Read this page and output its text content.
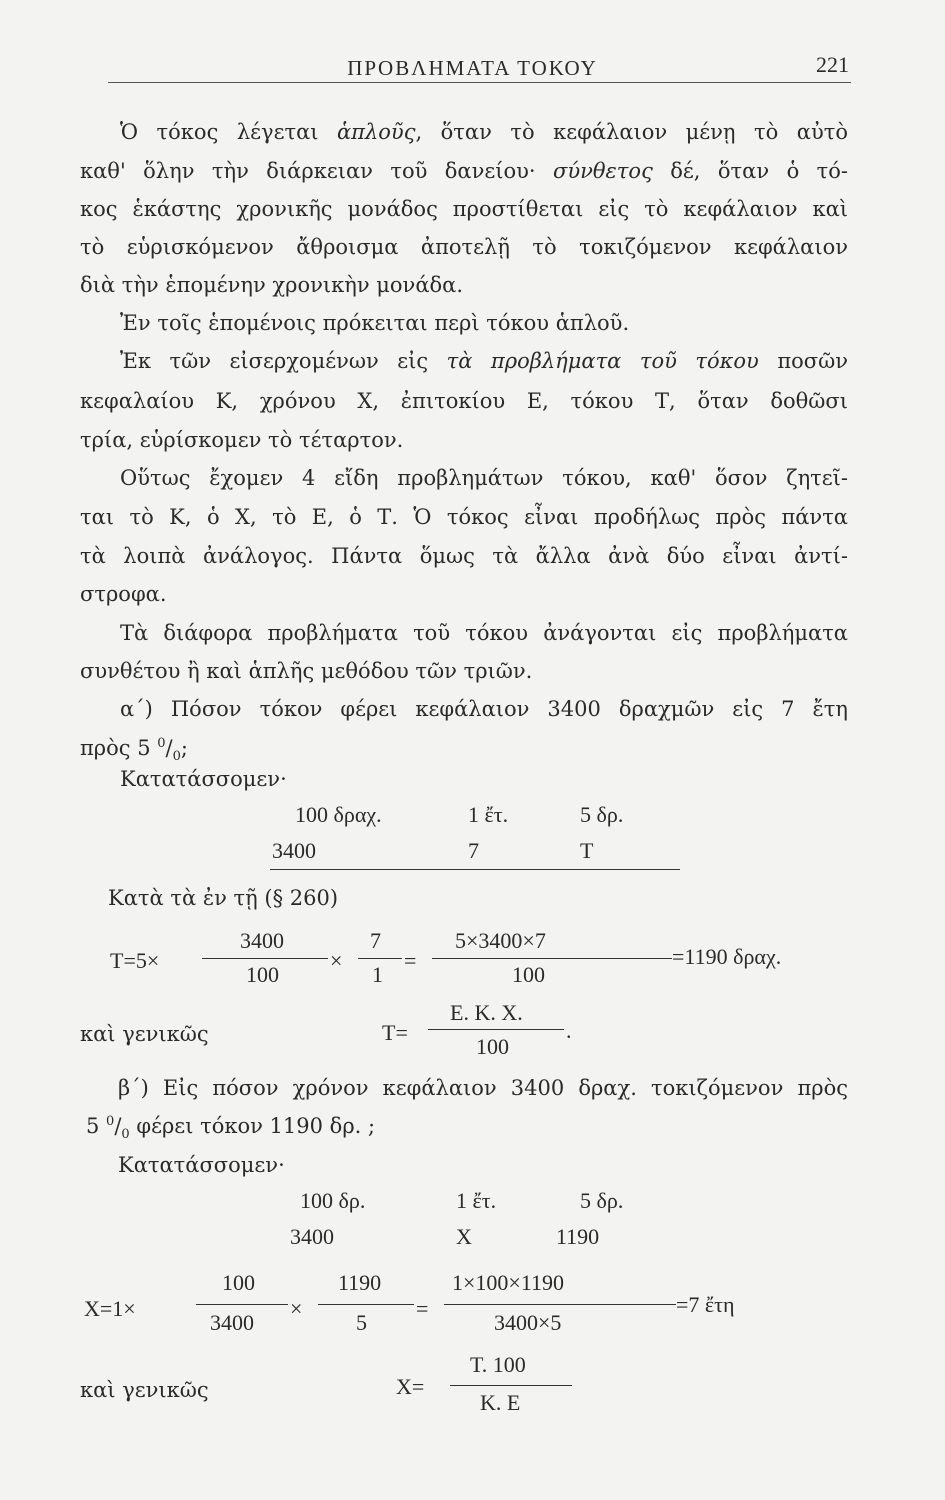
ΠΡΟΒΛΗΜΑΤΑ ΤΟΚΟΥ	221
Ὁ τόκος λέγεται ἁπλοῦς, ὅταν τὸ κεφάλαιον μένῃ τὸ αὐτὸ
καθ' ὅλην τὴν διάρκειαν τοῦ δανείου· σύνθετος δέ, ὅταν ὁ τό-
κος ἑκάστης χρονικῆς μονάδος προστίθεται εἰς τὸ κεφάλαιον καὶ
τὸ εὑρισκόμενον ἄθροισμα ἀποτελῇ τὸ τοκιζόμενον κεφάλαιον
διὰ τὴν ἑπομένην χρονικὴν μονάδα.
Ἐν τοῖς ἑπομένοις πρόκειται περὶ τόκου ἁπλοῦ.
Ἐκ τῶν εἰσερχομένων εἰς τὰ προβλήματα τοῦ τόκου ποσῶν
κεφαλαίου Κ, χρόνου Χ, ἐπιτοκίου Ε, τόκου Τ, ὅταν δοθῶσι
τρία, εὑρίσκομεν τὸ τέταρτον.
Οὕτως ἔχομεν 4 εἴδη προβλημάτων τόκου, καθ' ὅσον ζητεῖ-
ται τὸ Κ, ὁ Χ, τὸ Ε, ὁ Τ. Ὁ τόκος εἶναι προδήλως πρὸς πάντα
τὰ λοιπὰ ἀνάλογος. Πάντα ὅμως τὰ ἄλλα ἀνὰ δύο εἶναι ἀντί-
στροφα.
Τὰ διάφορα προβλήματα τοῦ τόκου ἀνάγονται εἰς προβλήματα
συνθέτου ἢ καὶ ἁπλῆς μεθόδου τῶν τριῶν.
α΄) Πόσον τόκον φέρει κεφάλαιον 3400 δραχμῶν εἰς 7 ἔτη
πρὸς 5 $^0/_0$;
Κατατάσσομεν·
100 δραχ.	1 ἔτ.	5 δρ.
3400	7	Τ
Κατὰ τὰ ἐν τῇ (§ 260)
Τ=5×
3400
100
×
7
1
=
5×3400×7
100
=1190 δραχ.
καὶ γενικῶς	Τ=
Ε. Κ. Χ.
100
.
β΄) Εἰς πόσον χρόνον κεφάλαιον 3400 δραχ. τοκιζόμενον πρὸς
5 $^0/_0$ φέρει τόκον 1190 δρ. ;
Κατατάσσομεν·
100 δρ.	1 ἔτ.	5 δρ.
3400	Χ	1190
Χ=1×
100
3400
×
1190
5
=
1×100×1190
3400×5
=7 ἔτη
καὶ γενικῶς	Χ=
Τ. 100
Κ. Ε
